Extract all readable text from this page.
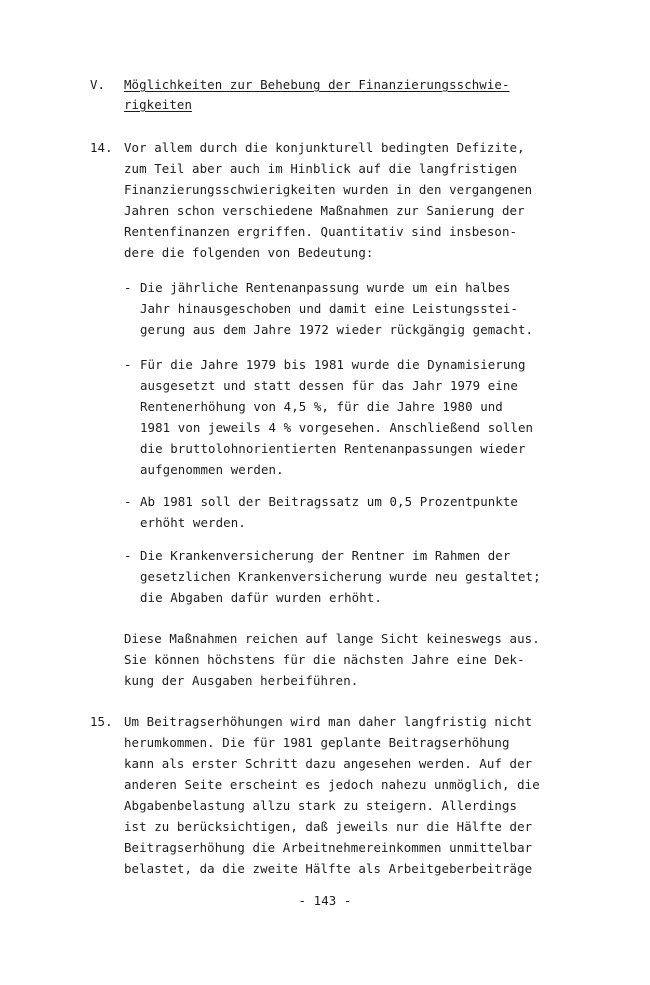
V. Möglichkeiten zur Behebung der Finanzierungsschwie-
rigkeiten
14. Vor allem durch die konjunkturell bedingten Defizite,
zum Teil aber auch im Hinblick auf die langfristigen
Finanzierungsschwierigkeiten wurden in den vergangenen
Jahren schon verschiedene Maßnahmen zur Sanierung der
Rentenfinanzen ergriffen. Quantitativ sind insbeson-
dere die folgenden von Bedeutung:
- Die jährliche Rentenanpassung wurde um ein halbes
Jahr hinausgeschoben und damit eine Leistungsstei-
gerung aus dem Jahre 1972 wieder rückgängig gemacht.
- Für die Jahre 1979 bis 1981 wurde die Dynamisierung
ausgesetzt und statt dessen für das Jahr 1979 eine
Rentenerhöhung von 4,5 %, für die Jahre 1980 und
1981 von jeweils 4 % vorgesehen. Anschließend sollen
die bruttolohnorientierten Rentenanpassungen wieder
aufgenommen werden.
- Ab 1981 soll der Beitragssatz um 0,5 Prozentpunkte
erhöht werden.
- Die Krankenversicherung der Rentner im Rahmen der
gesetzlichen Krankenversicherung wurde neu gestaltet;
die Abgaben dafür wurden erhöht.
Diese Maßnahmen reichen auf lange Sicht keineswegs aus.
Sie können höchstens für die nächsten Jahre eine Dek-
kung der Ausgaben herbeiführen.
15. Um Beitragserhöhungen wird man daher langfristig nicht
herumkommen. Die für 1981 geplante Beitragserhöhung
kann als erster Schritt dazu angesehen werden. Auf der
anderen Seite erscheint es jedoch nahezu unmöglich, die
Abgabenbelastung allzu stark zu steigern. Allerdings
ist zu berücksichtigen, daß jeweils nur die Hälfte der
Beitragserhöhung die Arbeitnehmereinkommen unmittelbar
belastet, da die zweite Hälfte als Arbeitgeberbeiträge
- 143 -
